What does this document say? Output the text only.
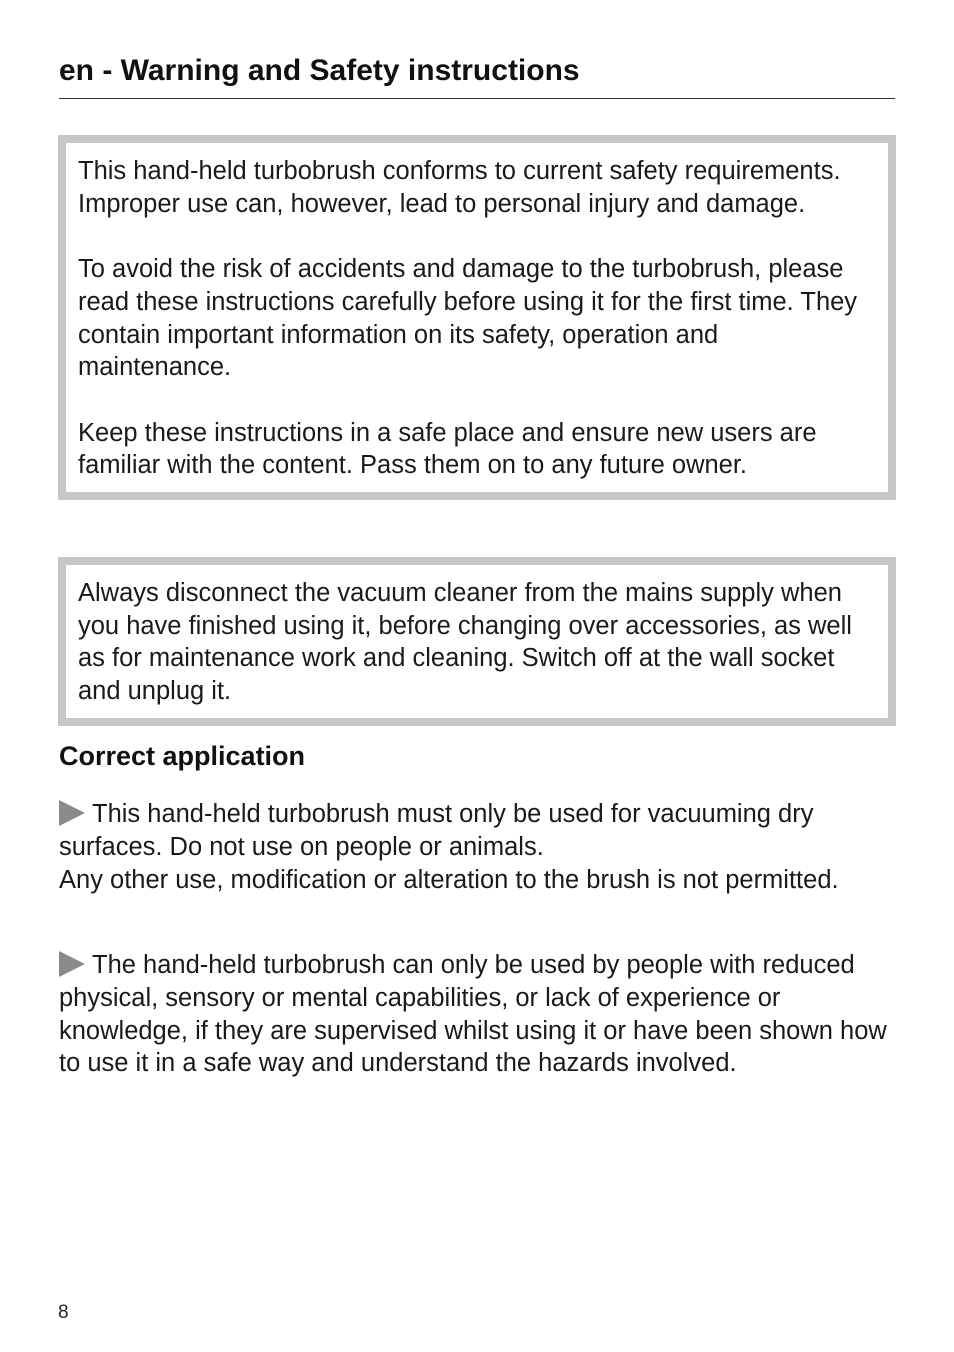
en - Warning and Safety instructions

This hand-held turbobrush conforms to current safety requirements. Improper use can, however, lead to personal injury and damage.

To avoid the risk of accidents and damage to the turbobrush, please read these instructions carefully before using it for the first time. They contain important information on its safety, operation and maintenance.

Keep these instructions in a safe place and ensure new users are familiar with the content. Pass them on to any future owner.

Always disconnect the vacuum cleaner from the mains supply when you have finished using it, before changing over accessories, as well as for maintenance work and cleaning. Switch off at the wall socket and unplug it.

Correct application

This hand-held turbobrush must only be used for vacuuming dry surfaces. Do not use on people or animals.
Any other use, modification or alteration to the brush is not permitted.

The hand-held turbobrush can only be used by people with reduced physical, sensory or mental capabilities, or lack of experience or knowledge, if they are supervised whilst using it or have been shown how to use it in a safe way and understand the hazards involved.

8
